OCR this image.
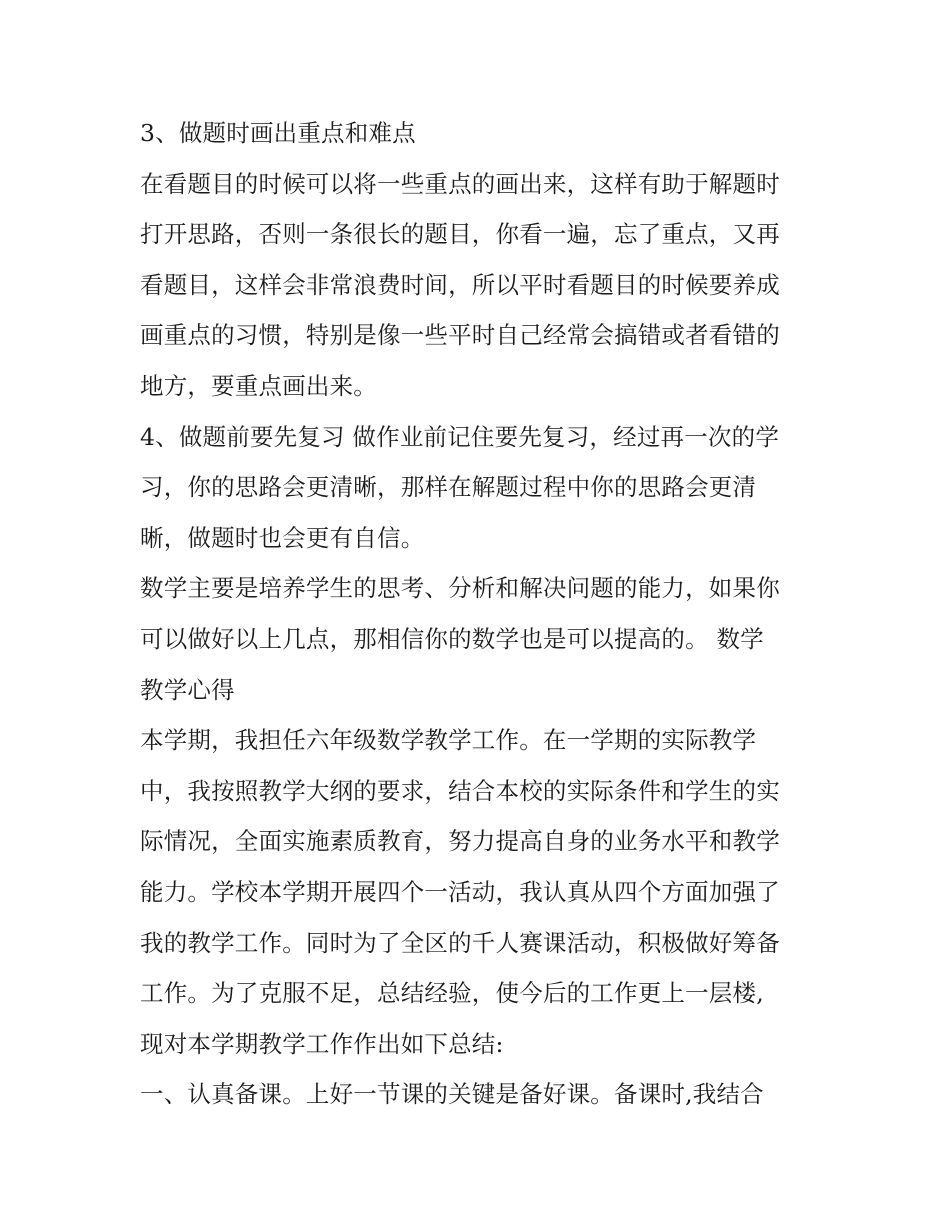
3、做题时画出重点和难点
在看题目的时候可以将一些重点的画出来，这样有助于解题时
打开思路，否则一条很长的题目，你看一遍，忘了重点，又再
看题目，这样会非常浪费时间，所以平时看题目的时候要养成
画重点的习惯，特别是像一些平时自己经常会搞错或者看错的
地方，要重点画出来。
4、做题前要先复习 做作业前记住要先复习，经过再一次的学
习，你的思路会更清晰，那样在解题过程中你的思路会更清
晰，做题时也会更有自信。
数学主要是培养学生的思考、分析和解决问题的能力，如果你
可以做好以上几点，那相信你的数学也是可以提高的。 数学
教学心得
本学期，我担任六年级数学教学工作。在一学期的实际教学
中，我按照教学大纲的要求，结合本校的实际条件和学生的实
际情况，全面实施素质教育，努力提高自身的业务水平和教学
能力。学校本学期开展四个一活动，我认真从四个方面加强了
我的教学工作。同时为了全区的千人赛课活动，积极做好筹备
工作。为了克服不足，总结经验，使今后的工作更上一层楼,
现对本学期教学工作作出如下总结:
一、认真备课。上好一节课的关键是备好课。备课时,我结合
